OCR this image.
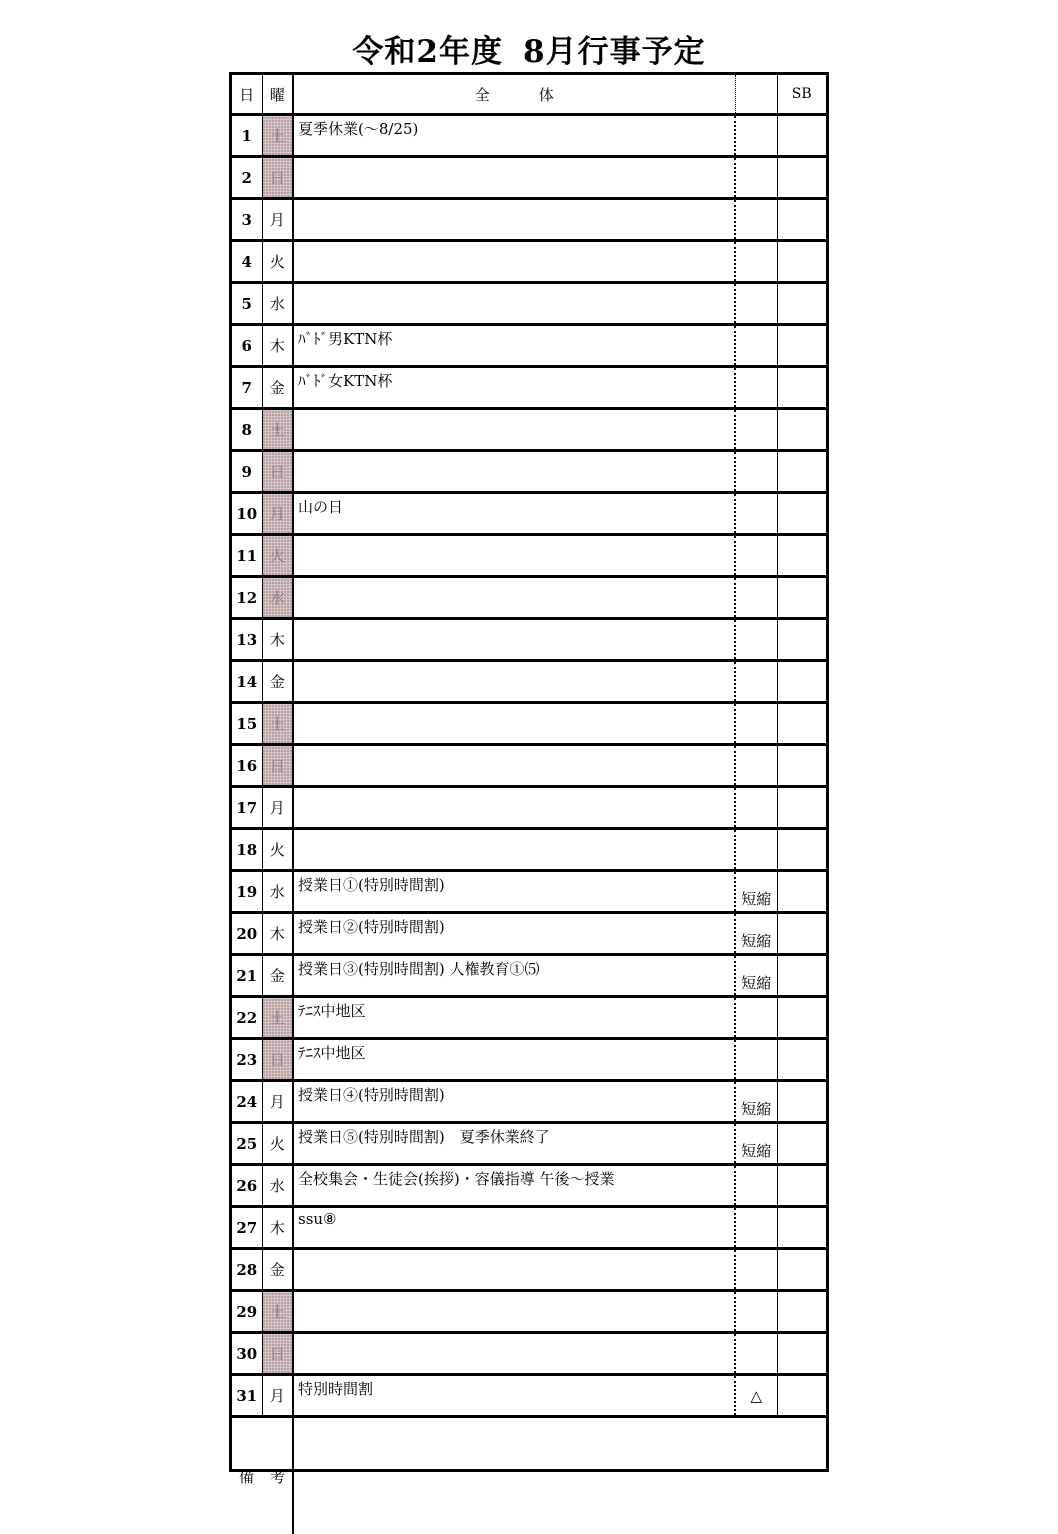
令和2年度 8月行事予定
日	曜	全 体		SB
1	土	夏季休業(～8/25)		
2	日			
3	月			
4	火			
5	水			
6	木	ﾊﾞﾄﾞ男KTN杯		
7	金	ﾊﾞﾄﾞ女KTN杯		
8	土			
9	日			
10	月	山の日		
11	火			
12	水			
13	木			
14	金			
15	土			
16	日			
17	月			
18	火			
19	水	授業日①(特別時間割)	短縮	
20	木	授業日②(特別時間割)	短縮	
21	金	授業日③(特別時間割) 人権教育①⑸	短縮	
22	土	ﾃﾆｽ中地区		
23	日	ﾃﾆｽ中地区		
24	月	授業日④(特別時間割)	短縮	
25	火	授業日⑤(特別時間割)　夏季休業終了	短縮	
26	水	全校集会・生徒会(挨拶)・容儀指導 午後～授業		
27	木	ssu⑧		
28	金			
29	土			
30	日			
31	月	特別時間割	△	
備 考				
